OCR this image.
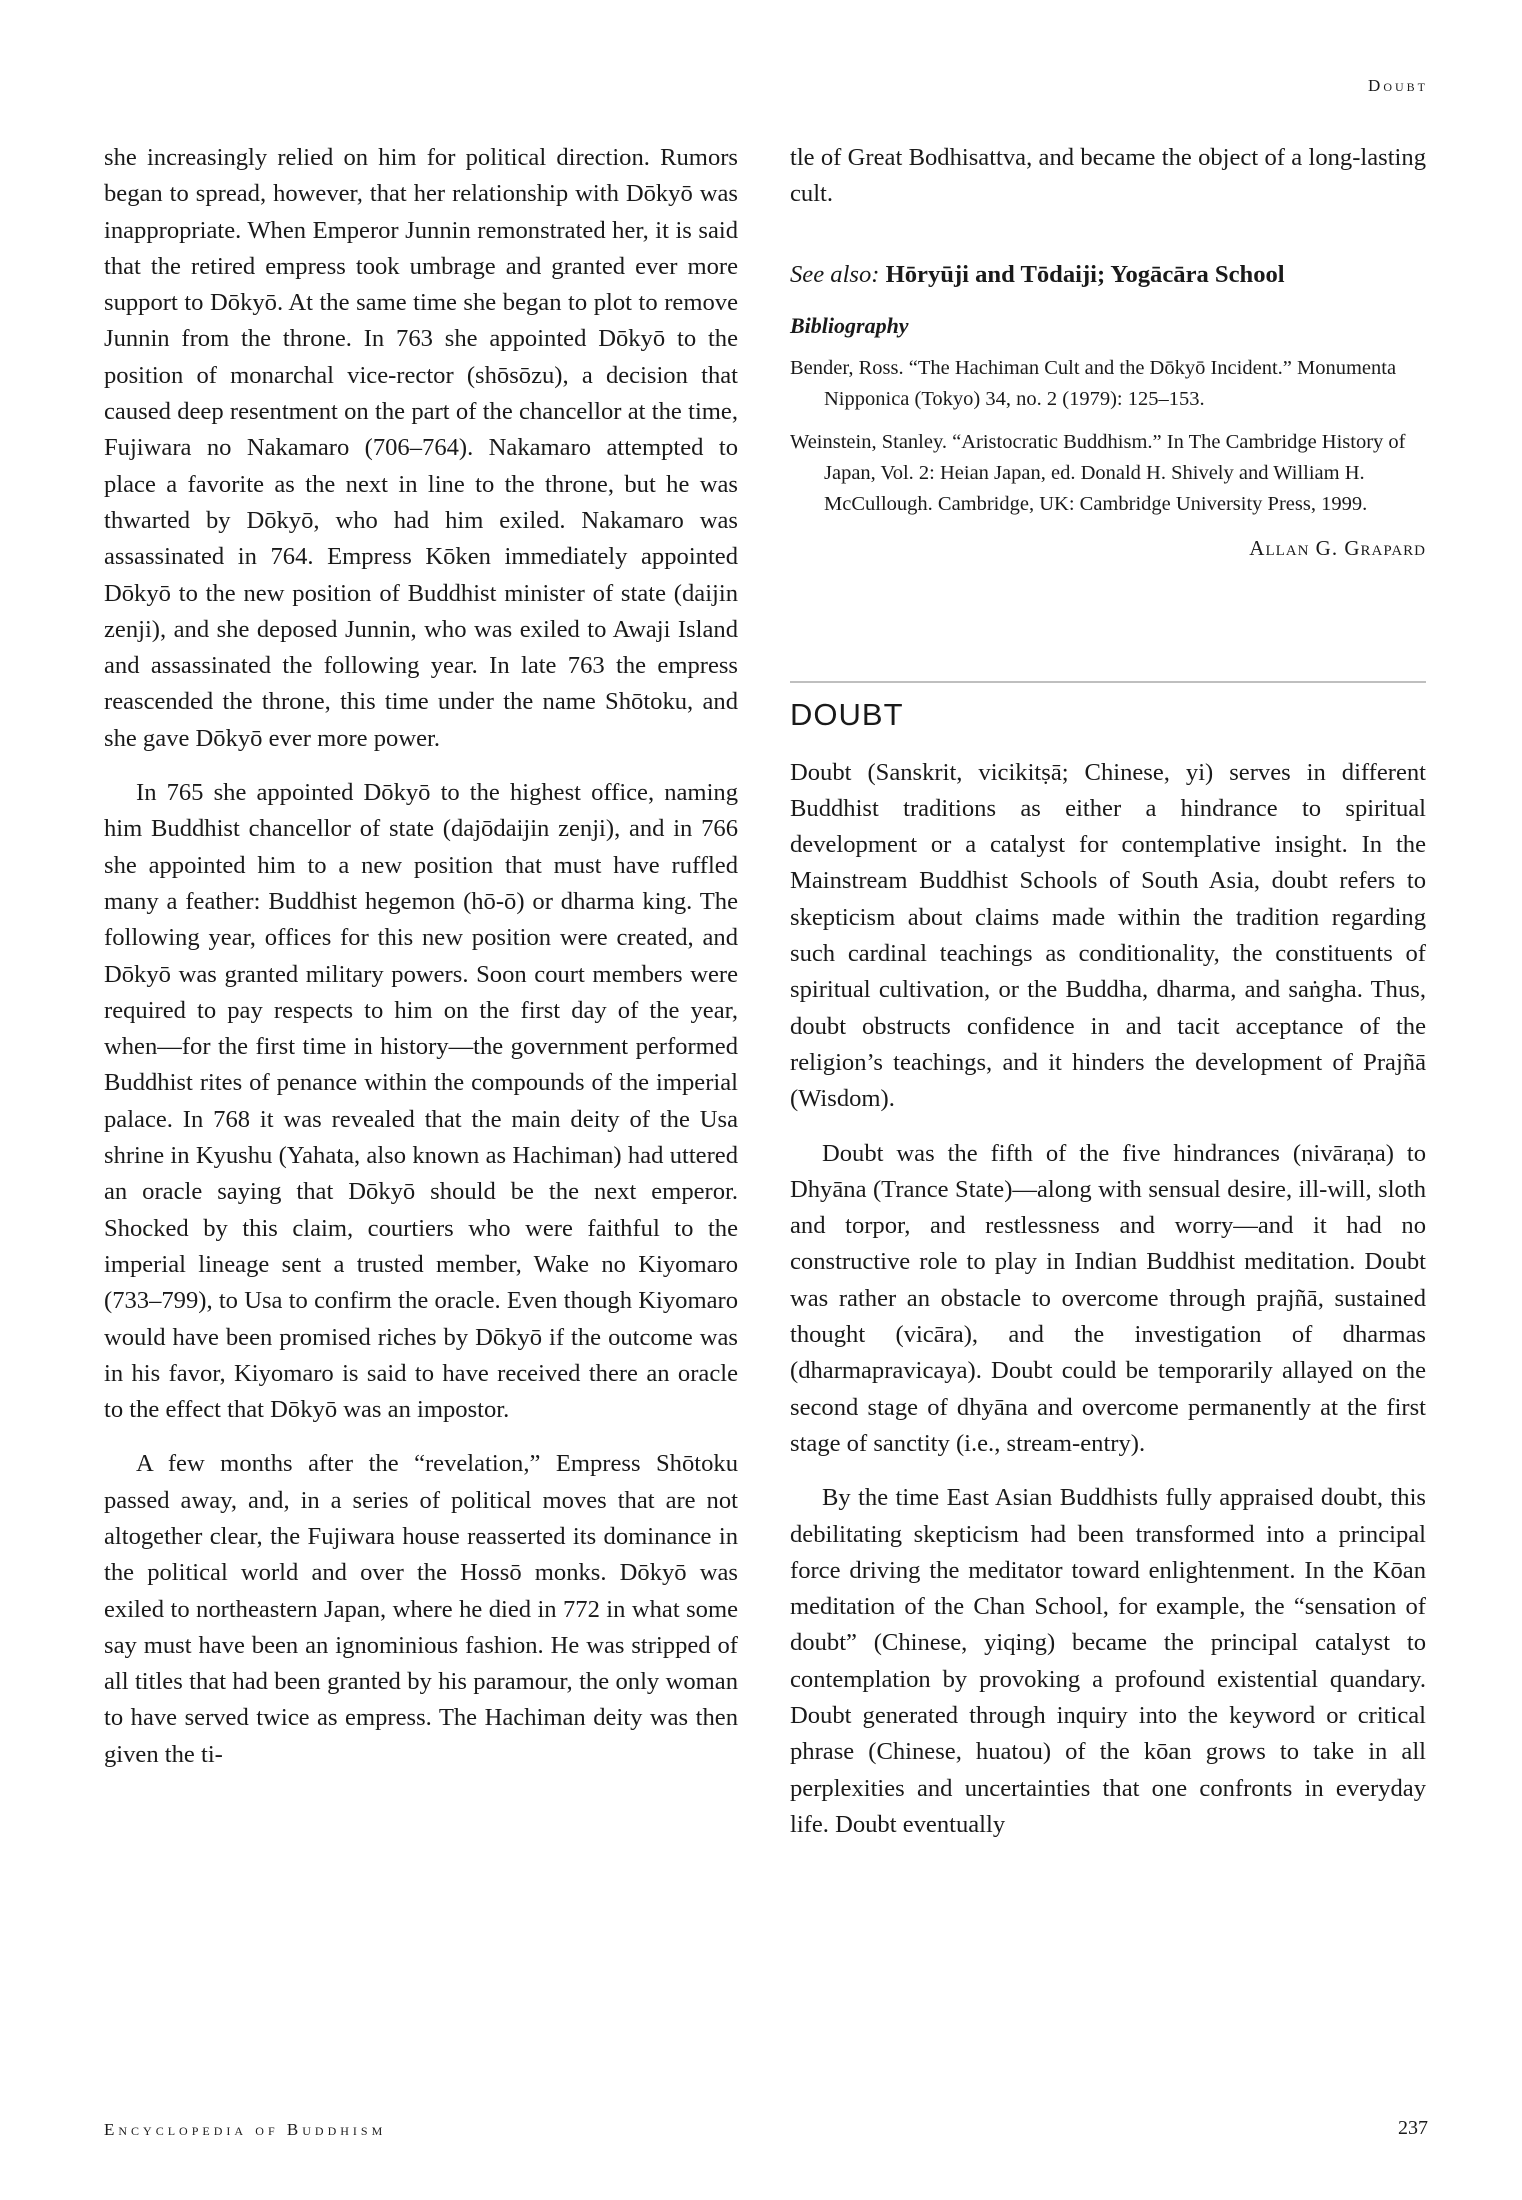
Doubt

she increasingly relied on him for political direction. Rumors began to spread, however, that her relationship with Dōkyō was inappropriate. When Emperor Junnin remonstrated her, it is said that the retired empress took umbrage and granted ever more support to Dōkyō. At the same time she began to plot to remove Junnin from the throne. In 763 she appointed Dōkyō to the position of monarchal vice-rector (shōsōzu), a decision that caused deep resentment on the part of the chancellor at the time, Fujiwara no Nakamaro (706–764). Nakamaro attempted to place a favorite as the next in line to the throne, but he was thwarted by Dōkyō, who had him exiled. Nakamaro was assassinated in 764. Empress Kōken immediately appointed Dōkyō to the new position of Buddhist minister of state (daijin zenji), and she deposed Junnin, who was exiled to Awaji Island and assassinated the following year. In late 763 the empress reascended the throne, this time under the name Shōtoku, and she gave Dōkyō ever more power.

In 765 she appointed Dōkyō to the highest office, naming him Buddhist chancellor of state (dajōdaijin zenji), and in 766 she appointed him to a new position that must have ruffled many a feather: Buddhist hegemon (hō-ō) or dharma king. The following year, offices for this new position were created, and Dōkyō was granted military powers. Soon court members were required to pay respects to him on the first day of the year, when—for the first time in history—the government performed Buddhist rites of penance within the compounds of the imperial palace. In 768 it was revealed that the main deity of the Usa shrine in Kyushu (Yahata, also known as Hachiman) had uttered an oracle saying that Dōkyō should be the next emperor. Shocked by this claim, courtiers who were faithful to the imperial lineage sent a trusted member, Wake no Kiyomaro (733–799), to Usa to confirm the oracle. Even though Kiyomaro would have been promised riches by Dōkyō if the outcome was in his favor, Kiyomaro is said to have received there an oracle to the effect that Dōkyō was an impostor.

A few months after the “revelation,” Empress Shōtoku passed away, and, in a series of political moves that are not altogether clear, the Fujiwara house reasserted its dominance in the political world and over the Hossō monks. Dōkyō was exiled to northeastern Japan, where he died in 772 in what some say must have been an ignominious fashion. He was stripped of all titles that had been granted by his paramour, the only woman to have served twice as empress. The Hachiman deity was then given the ti-

tle of Great Bodhisattva, and became the object of a long-lasting cult.

See also: Hōryūji and Tōdaiji; Yogācāra School
Bibliography
Bender, Ross. “The Hachiman Cult and the Dōkyō Incident.” Monumenta Nipponica (Tokyo) 34, no. 2 (1979): 125–153.
Weinstein, Stanley. “Aristocratic Buddhism.” In The Cambridge History of Japan, Vol. 2: Heian Japan, ed. Donald H. Shively and William H. McCullough. Cambridge, UK: Cambridge University Press, 1999.
Allan G. Grapard
DOUBT

Doubt (Sanskrit, vicikitṣā; Chinese, yi) serves in different Buddhist traditions as either a hindrance to spiritual development or a catalyst for contemplative insight. In the Mainstream Buddhist Schools of South Asia, doubt refers to skepticism about claims made within the tradition regarding such cardinal teachings as conditionality, the constituents of spiritual cultivation, or the Buddha, dharma, and saṅgha. Thus, doubt obstructs confidence in and tacit acceptance of the religion’s teachings, and it hinders the development of Prajñā (Wisdom).

Doubt was the fifth of the five hindrances (nivāraṇa) to Dhyāna (Trance State)—along with sensual desire, ill-will, sloth and torpor, and restlessness and worry—and it had no constructive role to play in Indian Buddhist meditation. Doubt was rather an obstacle to overcome through prajñā, sustained thought (vicāra), and the investigation of dharmas (dharmapravicaya). Doubt could be temporarily allayed on the second stage of dhyāna and overcome permanently at the first stage of sanctity (i.e., stream-entry).

By the time East Asian Buddhists fully appraised doubt, this debilitating skepticism had been transformed into a principal force driving the meditator toward enlightenment. In the Kōan meditation of the Chan School, for example, the “sensation of doubt” (Chinese, yiqing) became the principal catalyst to contemplation by provoking a profound existential quandary. Doubt generated through inquiry into the keyword or critical phrase (Chinese, huatou) of the kōan grows to take in all perplexities and uncertainties that one confronts in everyday life. Doubt eventually

Encyclopedia of Buddhism	237
